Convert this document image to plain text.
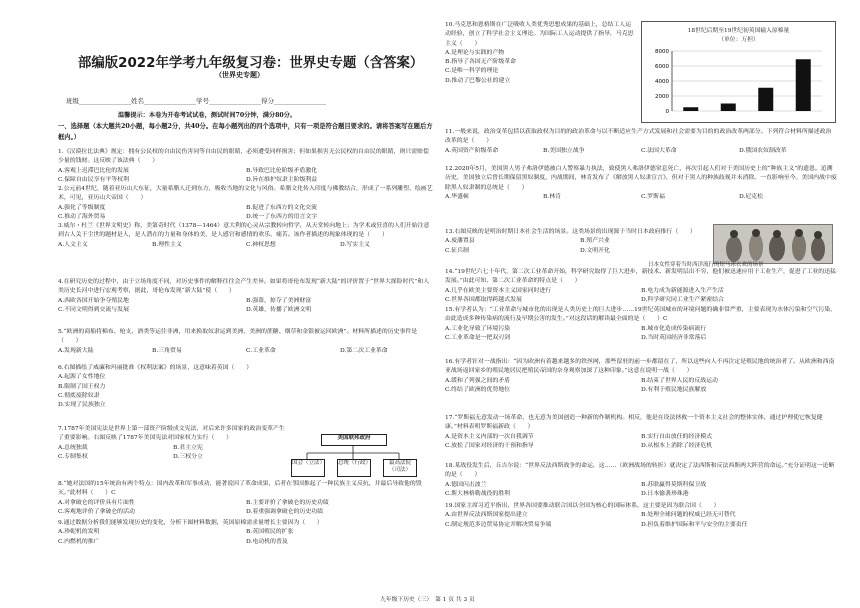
部编版2022年学考九年级复习卷：世界史专题（含答案）
（世界史专题）
班级________________姓名________________学号________________得分________________
温馨提示：本卷为开卷考试试卷，测试时间70分钟，满分80分。
一、选择题（本大题共20小题，每小题2分，共40分。在每小题列出的四个选项中，只有一项是符合题目要求的。请将答案写在题后方框内。）

1.《汉谟拉比法典》规定：拥有公民权的自由民伤害同等自由民的眼睛，必须遭受同样损害；但如果损害无公民权的自由民的眼睛，则只需赔偿少量的钱财。这反映了该法典（　　）

A.客观上迟滞巴比伦的发展	B.导致巴比伦阶级矛盾激化
C.保障自由民享有平等权利	D.旨在维护奴隶主阶级利益

2.公元前4世纪，随着亚历山大东征，大量希腊人迁到东方，吸收当地的文化与风俗。希腊文化传入印度与佛教结合，形成了一系列雕塑、绘画艺术，可见，亚历山大帝国（　　）

A.强化了等级制度	B.促进了东西方的文化交流
C.推动了海外贸易	D.统一了东西方的语言文字

3.威尔・杜兰《世界文明史》称，美第奇时代（1378—1464）意大利的心灵从宗教转向哲学，从天堂转向地上；为学术或狂喜的人们开始注意到古人关于尘世的题材是人，是人潜在的力量和身体的美，是人感官和感情的欢乐、痛苦。该作者描述的现象体现的是（　　）

A.人文主义	B.理性主义	C.神权思想	D.写实主义

4.在研究历史的过程中，由于立场角度不同，对历史事件的解释往往会产生差异。如果将哥伦布发现“新大陆”的评价置于“世界大探险时代”和人类历史长河中进行宏观考察，据此，哥伦布发现“新大陆”使（　　）

A.西欧各国开始争夺殖民地	B.强盗，掠夺了美洲财富
C.不同文明得到交流与发展	D.英雄，传播了欧洲文明

5.“欧洲的商船将棉布、枪支、酒类等运往非洲，用来换取奴隶运到美洲，美洲的蔗糖、烟草和金银被运回欧洲”。材料所描述的历史事件是（　　）

A.发现新大陆	B.三角贸易	C.工业革命	D.第二次工业革命

6.右图描绘了威廉和玛丽批准《权利法案》的场景，这意味着英国（　　）

A.起源了女性地位
B.限制了国王权力
C.彻底废除奴隶
D.实现了民族独立

7.1787年美国宪法是世界上第一部资产阶级成文宪法，对后来许多国家的政治变革产生了重要影响。右图反映了1787年美国宪法对国家权力实行（　　）

A.总统独裁	B.君主立宪
C.专制集权	D.三权分立

8.“她对法国的15年统治有两个特点：国内改革和军事成功，能著说因了革命成果，后者在邻国推起了一种民族主义反抗，并最后导致他的毁灭。”此材料（　　）C

A.对拿破仑的评价具有片面性	B.主要评价了拿破仑的历史功绩
C.客观地评价了拿破仑的活动	D.着重强调拿破仑的历史功绩

9.通过数据分析我们能够发现历史的变化，分析下图材料数据，英国原棉需求量增长主要因为（　　）

A.珍妮机的发明	B.英国殖民的扩张
C.内燃机的推广	D.电动机的普及

10.马克思和恩格斯在广泛吸收人类优秀思想成果的基础上，总结工人运动经验，创立了科学社会主义理论。为国际工人运动提供了指导，马克思主义（　　）

A.是理论与实践的产物
B.指导了各国无产阶级革命
C.是唯一科学的理论
D.推动了巴黎公社的建立

11.一般来说，政治变革包括以获取政权为目的的政治革命与以不断适应生产方式发展和社会需要为目的的政治改革两部分。下列符合材料所描述政治改革的是（　　）

A.英国资产阶级革命	B.美国独立战争	C.法国大革命	D.俄国农奴制改革

12.2020年5月，美国黑人男子弗洛伊德被白人警察暴力执法，致使黑人弗洛伊德窒息死亡，再次引起人们对于美国历史上的“种族主义”的遗患。追溯历史，美国独立后曾长期保留黑奴制度，内战期间，林肯发布了《解放黑人奴隶宣言》，但对于黑人的种族歧视并未消除。一直影响至今。美国内战中废除黑人奴隶制的总统是（　　）

A.华盛顿	B.林肯	C.罗斯福	D.尼克松

13.右图反映的是明治时期日本社会生活的场景。这类场景的出现源于当时日本政府推行（　　）

A.废藩置县	B.殖产兴业
C.征兵制	D.文明开化

14.“19世纪六七十年代，第二次工业革命开始，科学研究取得了巨大进步，新技术、新发明层出不穷，他们被迅速应用于工业生产，促进了工业的迅猛发展。”由此可知，第二次工业革命的特点是（　　）

A.几乎在欧美主要资本主义国家同时进行	B.电力成为新能源进入生产生活
C.世界各国都取得跨越式发展	D.科学研究同工业生产紧密结合

15.有学者认为：“工业革命与城市化的出现是人类历史上的巨大进步……19世纪英国城市的环境问题的确非常严重，主要表现为水体污染和空气污染，由此造成多种传染病的流行及早期公害的发生。”对这段话的解读最全面的是（　　）C

A.工业化导致了环境污染	B.城市化造成传染病流行
C.工业革命是一把双刃剑	D.当时英国经济非常落后

16.有学者针对一战指出：“因为欧洲有着越来越多的铁丝网，那些留驻的前一步都留在了，所以这些向人不再注定是殖民地的统治者了。从欧洲和西南亚战场返回家乡的殖民地居民把殖民帝国的奈身观察加深了这种印象。”这意在说明一战（　　）

A.缓和了列强之间的矛盾	B.结束了世界人民的反战运动
C.终结了欧洲的优势地位	D.有利于殖民地民族解放

17.“罗斯福无意发动一场革命，也无意为美国创造一种新的作制机构。相反，他是在设法拯救一个资本主义社会的整体实体，通过护理使它恢复健康。”材料表明罗斯福新政（　　）

A.是资本主义内部的一次自我调节	B.实行自由放任的经济模式
C.放松了国家对经济的干预和指导	D.从根本上消除了经济危机

18.某战役发生后，丘吉尔说：“世界反法西斯战争的命运，这……（欧洲战场的转折）就决定了法西斯和反法西斯两大阵营的命运。”充分证明这一论断的是（　　）

A.德国闪击波兰	B.苏联赢得莫斯科保卫战
C.斯大林格勒战役的胜利	D.日本偷袭珍珠港

19.国家主席习近平指出，世界各国要推动联合国以全国为核心的国际体系，这主要是因为联合国（　　）

A.由世界反法西斯国家提出建立	B.处理全球问题的权威已经无可替代
C.制定规范多边贸易协定并解决贸易争端	D.担负着维护国际和平与安全的主要责任
18世纪后期至19世纪初英国输入原棉量
（单位：万担）
8000
6000
4000
2000
0
日本女性穿着当时西洋流行的短马冰衣欢的场景
美国联邦政府
国会（立法） 总统（行政）	最高法院（司法）
九年级下历史（三）　第 1 页 共 3 页
